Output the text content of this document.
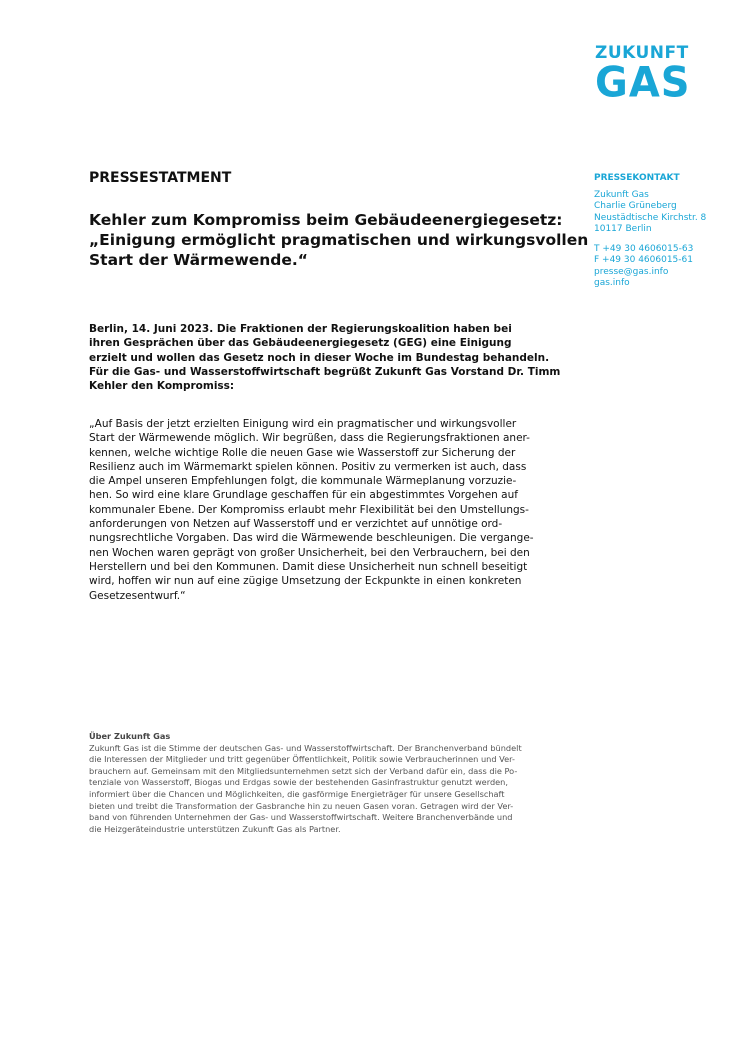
ZUKUNFT
GAS
PRESSESTATMENT
Kehler zum Kompromiss beim Gebäudeenergiegesetz:
„Einigung ermöglicht pragmatischen und wirkungsvollen
Start der Wärmewende.“
PRESSEKONTAKT
Zukunft Gas
Charlie Grüneberg
Neustädtische Kirchstr. 8
10117 Berlin
T +49 30 4606015-63
F +49 30 4606015-61
presse@gas.info
gas.info
Berlin, 14. Juni 2023. Die Fraktionen der Regierungskoalition haben bei
ihren Gesprächen über das Gebäudeenergiegesetz (GEG) eine Einigung
erzielt und wollen das Gesetz noch in dieser Woche im Bundestag behandeln.
Für die Gas- und Wasserstoffwirtschaft begrüßt Zukunft Gas Vorstand Dr. Timm
Kehler den Kompromiss:
„Auf Basis der jetzt erzielten Einigung wird ein pragmatischer und wirkungsvoller
Start der Wärmewende möglich. Wir begrüßen, dass die Regierungsfraktionen aner-
kennen, welche wichtige Rolle die neuen Gase wie Wasserstoff zur Sicherung der
Resilienz auch im Wärmemarkt spielen können. Positiv zu vermerken ist auch, dass
die Ampel unseren Empfehlungen folgt, die kommunale Wärmeplanung vorzuzie-
hen. So wird eine klare Grundlage geschaffen für ein abgestimmtes Vorgehen auf
kommunaler Ebene. Der Kompromiss erlaubt mehr Flexibilität bei den Umstellungs-
anforderungen von Netzen auf Wasserstoff und er verzichtet auf unnötige ord-
nungsrechtliche Vorgaben. Das wird die Wärmewende beschleunigen. Die vergange-
nen Wochen waren geprägt von großer Unsicherheit, bei den Verbrauchern, bei den
Herstellern und bei den Kommunen. Damit diese Unsicherheit nun schnell beseitigt
wird, hoffen wir nun auf eine zügige Umsetzung der Eckpunkte in einen konkreten
Gesetzesentwurf.“
Über Zukunft Gas
Zukunft Gas ist die Stimme der deutschen Gas- und Wasserstoffwirtschaft. Der Branchenverband bündelt
die Interessen der Mitglieder und tritt gegenüber Öffentlichkeit, Politik sowie Verbraucherinnen und Ver-
brauchern auf. Gemeinsam mit den Mitgliedsunternehmen setzt sich der Verband dafür ein, dass die Po-
tenziale von Wasserstoff, Biogas und Erdgas sowie der bestehenden Gasinfrastruktur genutzt werden,
informiert über die Chancen und Möglichkeiten, die gasförmige Energieträger für unsere Gesellschaft
bieten und treibt die Transformation der Gasbranche hin zu neuen Gasen voran. Getragen wird der Ver-
band von führenden Unternehmen der Gas- und Wasserstoffwirtschaft. Weitere Branchenverbände und
die Heizgeräteindustrie unterstützen Zukunft Gas als Partner.
